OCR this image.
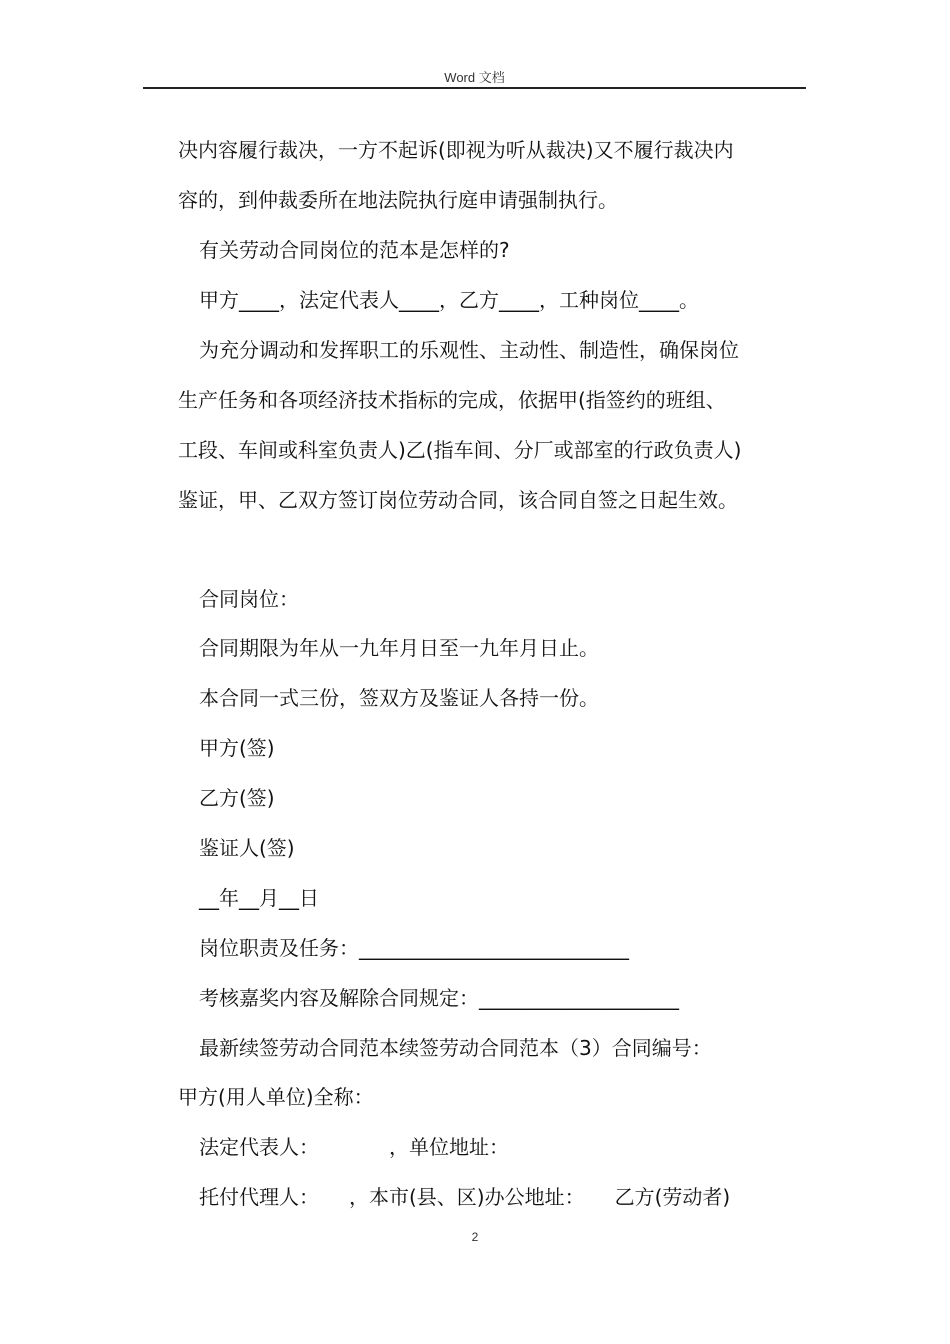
Word 文档
决内容履行裁决，一方不起诉(即视为听从裁决)又不履行裁决内
容的，到仲裁委所在地法院执行庭申请强制执行。
有关劳动合同岗位的范本是怎样的?
甲方____，法定代表人____，乙方____，工种岗位____。
为充分调动和发挥职工的乐观性、主动性、制造性，确保岗位
生产任务和各项经济技术指标的完成，依据甲(指签约的班组、
工段、车间或科室负责人)乙(指车间、分厂或部室的行政负责人)
鉴证，甲、乙双方签订岗位劳动合同，该合同自签之日起生效。
合同岗位：
合同期限为年从一九年月日至一九年月日止。
本合同一式三份，签双方及鉴证人各持一份。
甲方(签)
乙方(签)
鉴证人(签)
__年__月__日
岗位职责及任务：___________________________
考核嘉奖内容及解除合同规定：____________________
最新续签劳动合同范本续签劳动合同范本（3）合同编号：
甲方(用人单位)全称：
法定代表人：　　　　，单位地址：
托付代理人：　　，本市(县、区)办公地址：　　乙方(劳动者)
2
